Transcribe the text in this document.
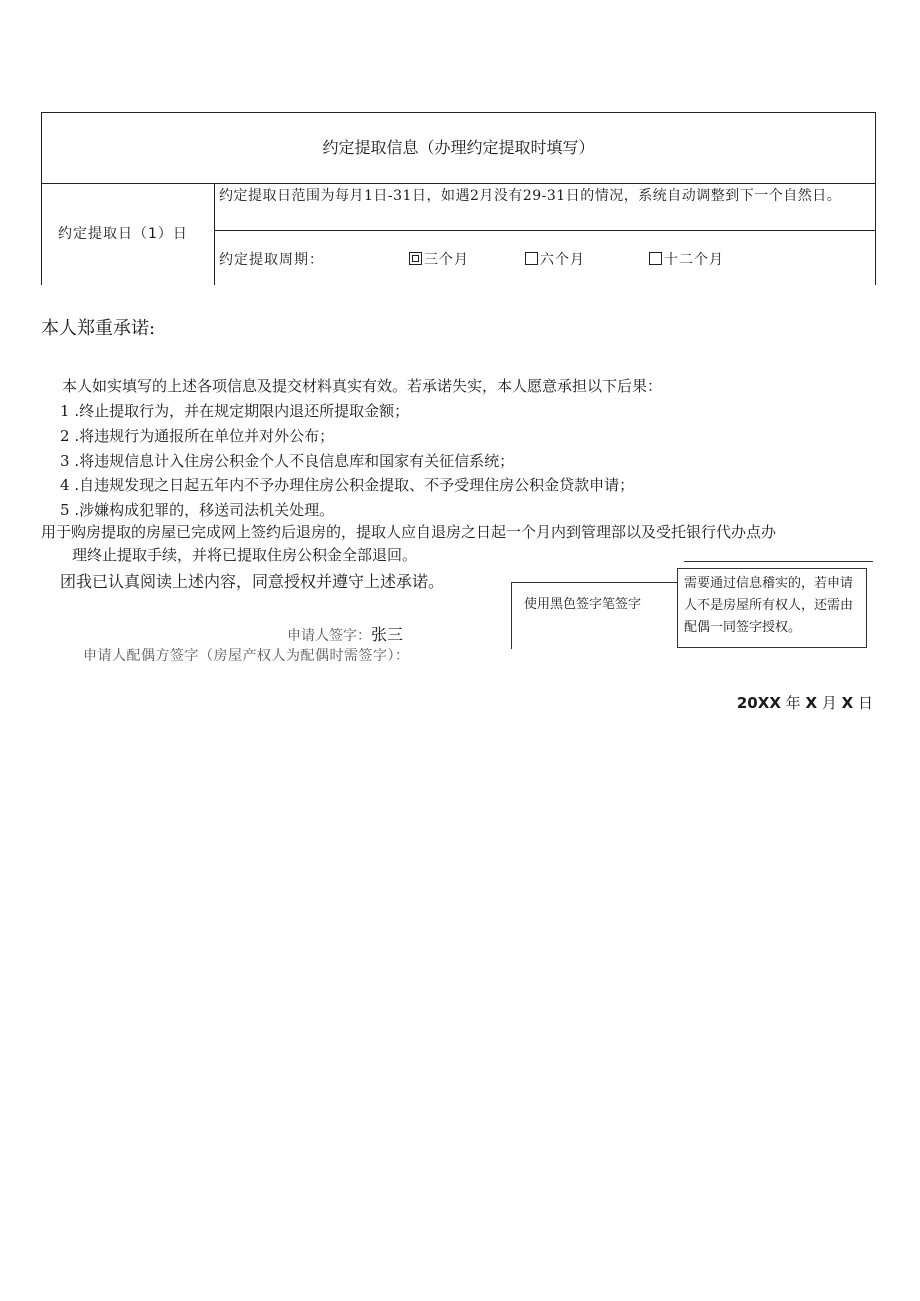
约定提取信息（办理约定提取时填写）
约定提取日（1）日
约定提取日范围为每月1日-31日，如遇2月没有29-31日的情况，系统自动调整到下一个自然日。
约定提取周期：	三个月	六个月	十二个月
本人郑重承诺:
本人如实填写的上述各项信息及提交材料真实有效。若承诺失实，本人愿意承担以下后果：
1 .终止提取行为，并在规定期限内退还所提取金额；
2 .将违规行为通报所在单位并对外公布；
3 .将违规信息计入住房公积金个人不良信息库和国家有关征信系统；
4 .自违规发现之日起五年内不予办理住房公积金提取、不予受理住房公积金贷款申请；
5 .涉嫌构成犯罪的，移送司法机关处理。
用于购房提取的房屋已完成网上签约后退房的，提取人应自退房之日起一个月内到管理部以及受托银行代办点办
理终止提取手续，并将已提取住房公积金全部退回。
团我已认真阅读上述内容，同意授权并遵守上述承诺。
使用黑色签字笔签字
需要通过信息稽实的，若申请人不是房屋所有权人，还需由配偶一同签字授权。
申请人签字：张三
申请人配偶方签字（房屋产权人为配偶时需签字）：
20XX 年 X 月 X 日
